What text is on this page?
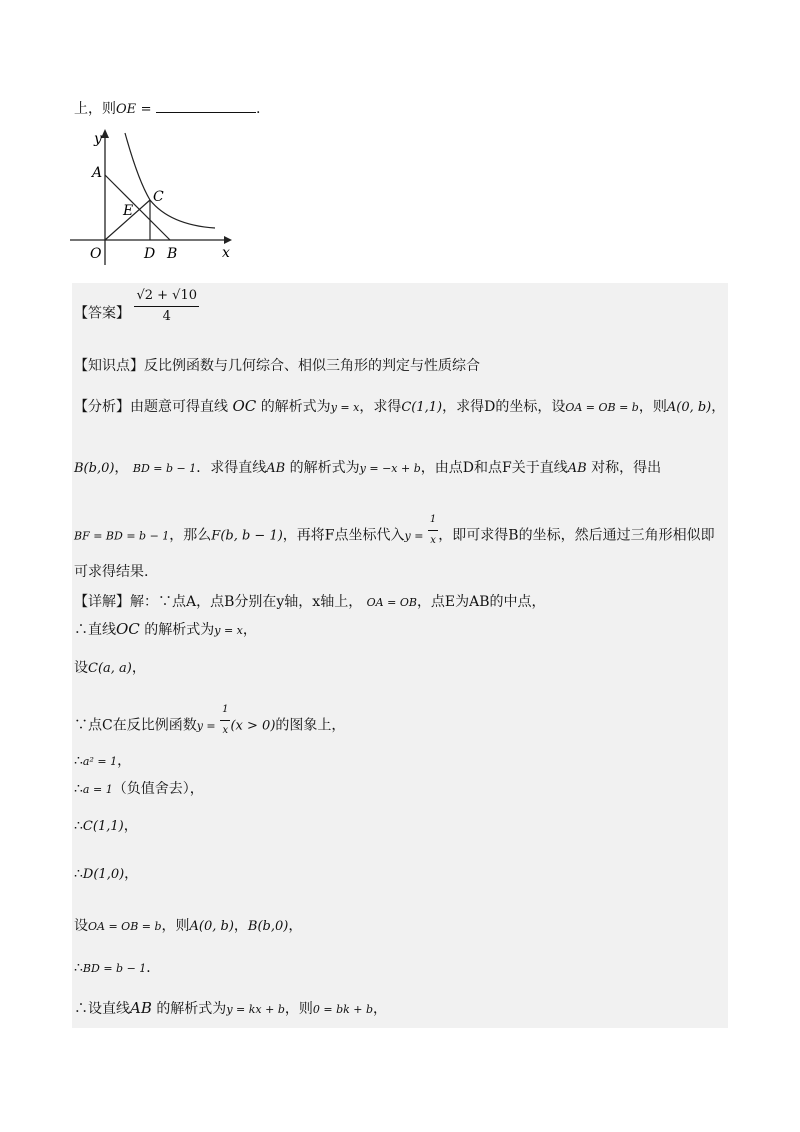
上，则OE =	.
y
x
A
C
E
O	D B
【答案】 $\frac{√2 + √10}{4}$
【知识点】反比例函数与几何综合、相似三角形的判定与性质综合
【分析】由题意可得直线 OC 的解析式为y = x，求得C(1,1)，求得D的坐标，设OA = OB = b，则A(0, b)，
B(b,0)， BD = b − 1．求得直线AB 的解析式为y = −x + b，由点D和点F关于直线AB 对称，得出
BF = BD = b − 1，那么F(b, b − 1)，再将F点坐标代入$y = \frac{1}{x}$ ，即可求得B的坐标，然后通过三角形相似即
可求得结果.
【详解】解：∵点A，点B分别在y轴，x轴上， OA = OB，点E为AB的中点，
∴直线OC 的解析式为y = x，
设C(a, a)，
∵点C在反比例函数$y = \frac{1}{x} (x > 0)$的图象上，
∴a² = 1，
∴a = 1（负值舍去），
∴C(1,1)，
∴D(1,0)，
设OA = OB = b，则A(0, b)，B(b,0)，
∴BD = b − 1．
∴设直线AB 的解析式为y = kx + b，则0 = bk + b，
